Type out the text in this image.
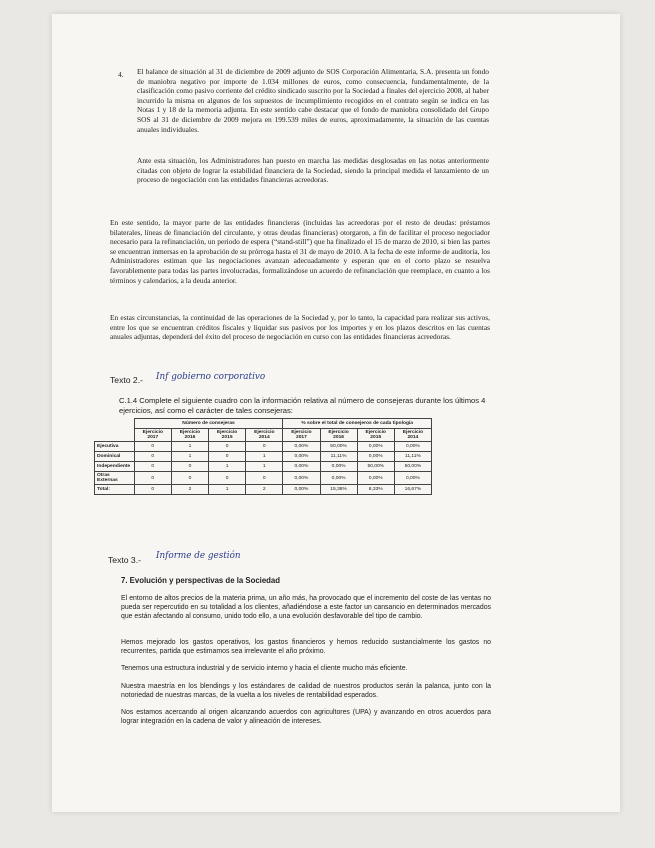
4. El balance de situación al 31 de diciembre de 2009 adjunto de SOS Corporación Alimentaria, S.A. presenta un fondo de maniobra negativo por importe de 1.034 millones de euros, como consecuencia, fundamentalmente, de la clasificación como pasivo corriente del crédito sindicado suscrito por la Sociedad a finales del ejercicio 2008, al haber incurrido la misma en algunos de los supuestos de incumplimiento recogidos en el contrato según se indica en las Notas 1 y 18 de la memoria adjunta. En este sentido cabe destacar que el fondo de maniobra consolidado del Grupo SOS al 31 de diciembre de 2009 mejora en 199.539 miles de euros, aproximadamente, la situación de las cuentas anuales individuales.
Ante esta situación, los Administradores han puesto en marcha las medidas desglosadas en las notas anteriormente citadas con objeto de lograr la estabilidad financiera de la Sociedad, siendo la principal medida el lanzamiento de un proceso de negociación con las entidades financieras acreedoras.
En este sentido, la mayor parte de las entidades financieras (incluidas las acreedoras por el resto de deudas: préstamos bilaterales, líneas de financiación del circulante, y otras deudas financieras) otorgaron, a fin de facilitar el proceso negociador necesario para la refinanciación, un periodo de espera (“stand-still”) que ha finalizado el 15 de marzo de 2010, si bien las partes se encuentran inmersas en la aprobación de su prórroga hasta el 31 de mayo de 2010. A la fecha de este informe de auditoría, los Administradores estiman que las negociaciones avanzan adecuadamente y esperan que en el corto plazo se resuelva favorablemente para todas las partes involucradas, formalizándose un acuerdo de refinanciación que reemplace, en cuanto a los términos y calendarios, a la deuda anterior.
En estas circunstancias, la continuidad de las operaciones de la Sociedad y, por lo tanto, la capacidad para realizar sus activos, entre los que se encuentran créditos fiscales y liquidar sus pasivos por los importes y en los plazos descritos en las cuentas anuales adjuntas, dependerá del éxito del proceso de negociación en curso con las entidades financieras acreedoras.
Texto 2.- Inf gobierno corporativo
C.1.4 Complete el siguiente cuadro con la información relativa al número de consejeras durante los últimos 4 ejercicios, así como el carácter de tales consejeras:
	Número de consejeras				% sobre el total de consejeros de cada tipología			
	Ejercicio 2017	Ejercicio 2016	Ejercicio 2015	Ejercicio 2014	Ejercicio 2017	Ejercicio 2016	Ejercicio 2015	Ejercicio 2014
Ejecutiva	0	1	0	0	0,00%	50,00%	0,00%	0,00%
Dominical	0	1	0	1	0,00%	11,11%	0,00%	11,11%
Independiente	0	0	1	1	0,00%	0,00%	50,00%	50,00%
Otras Externas	0	0	0	0	0,00%	0,00%	0,00%	0,00%
Total:	0	2	1	2	0,00%	15,38%	8,33%	16,67%
Texto 3.- Informe de gestión
7. Evolución y perspectivas de la Sociedad
El entorno de altos precios de la materia prima, un año más, ha provocado que el incremento del coste de las ventas no pueda ser repercutido en su totalidad a los clientes, añadiéndose a este factor un cansancio en determinados mercados que están afectando al consumo, unido todo ello, a una evolución desfavorable del tipo de cambio.
Hemos mejorado los gastos operativos, los gastos financieros y hemos reducido sustancialmente los gastos no recurrentes, partida que estimamos sea irrelevante el año próximo.
Tenemos una estructura industrial y de servicio interno y hacia el cliente mucho más eficiente.
Nuestra maestría en los blendings y los estándares de calidad de nuestros productos serán la palanca, junto con la notoriedad de nuestras marcas, de la vuelta a los niveles de rentabilidad esperados.
Nos estamos acercando al origen alcanzando acuerdos con agricultores (UPA) y avanzando en otros acuerdos para lograr integración en la cadena de valor y alineación de intereses.
